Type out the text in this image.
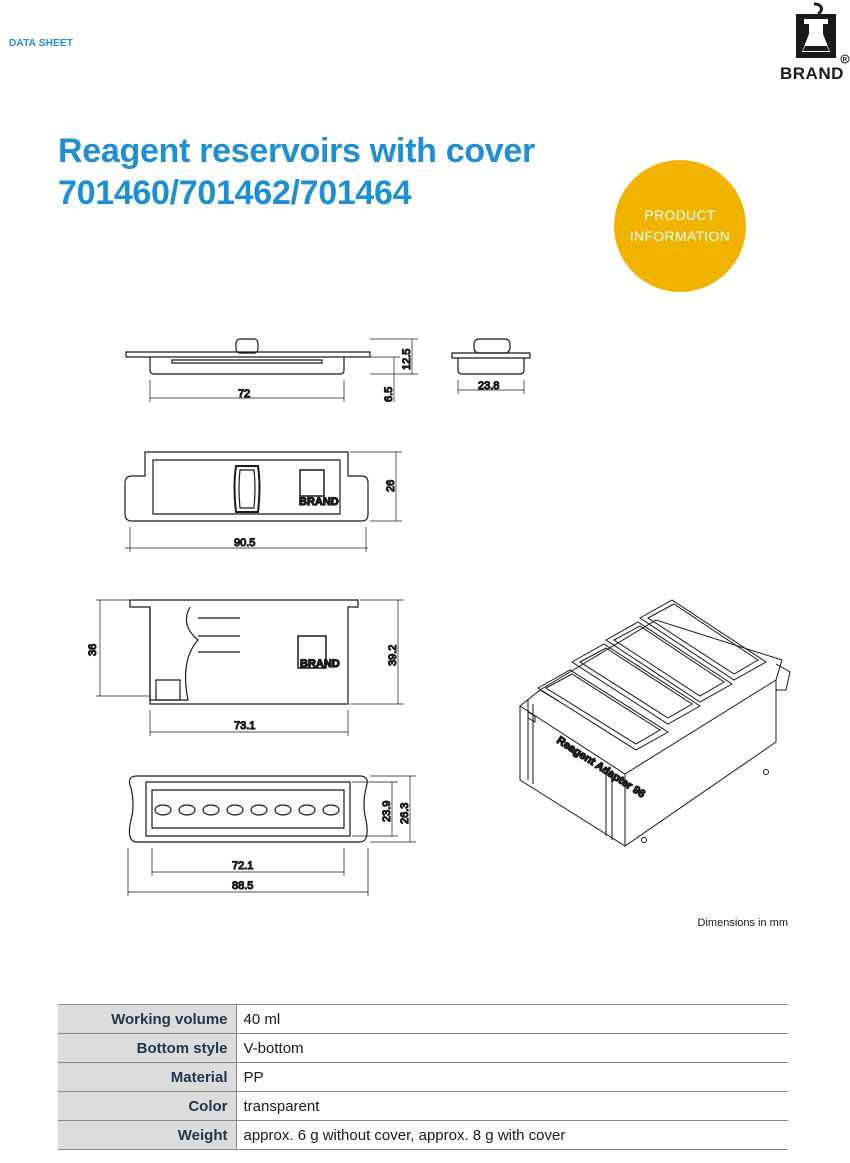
DATA SHEET
R
BRAND
Reagent reservoirs with cover
701460/701462/701464
PRODUCT
INFORMATION
72
12.5
6.5
23.8
BRAND
90.5
26
BRAND
36	39.2
73.1
72.1
88.5
23.9 26.3
Reagent Adapter 96
Dimensions in mm
Working volume	40 ml
Bottom style	V-bottom
Material	PP
Color	transparent
Weight	approx. 6 g without cover, approx. 8 g with cover
